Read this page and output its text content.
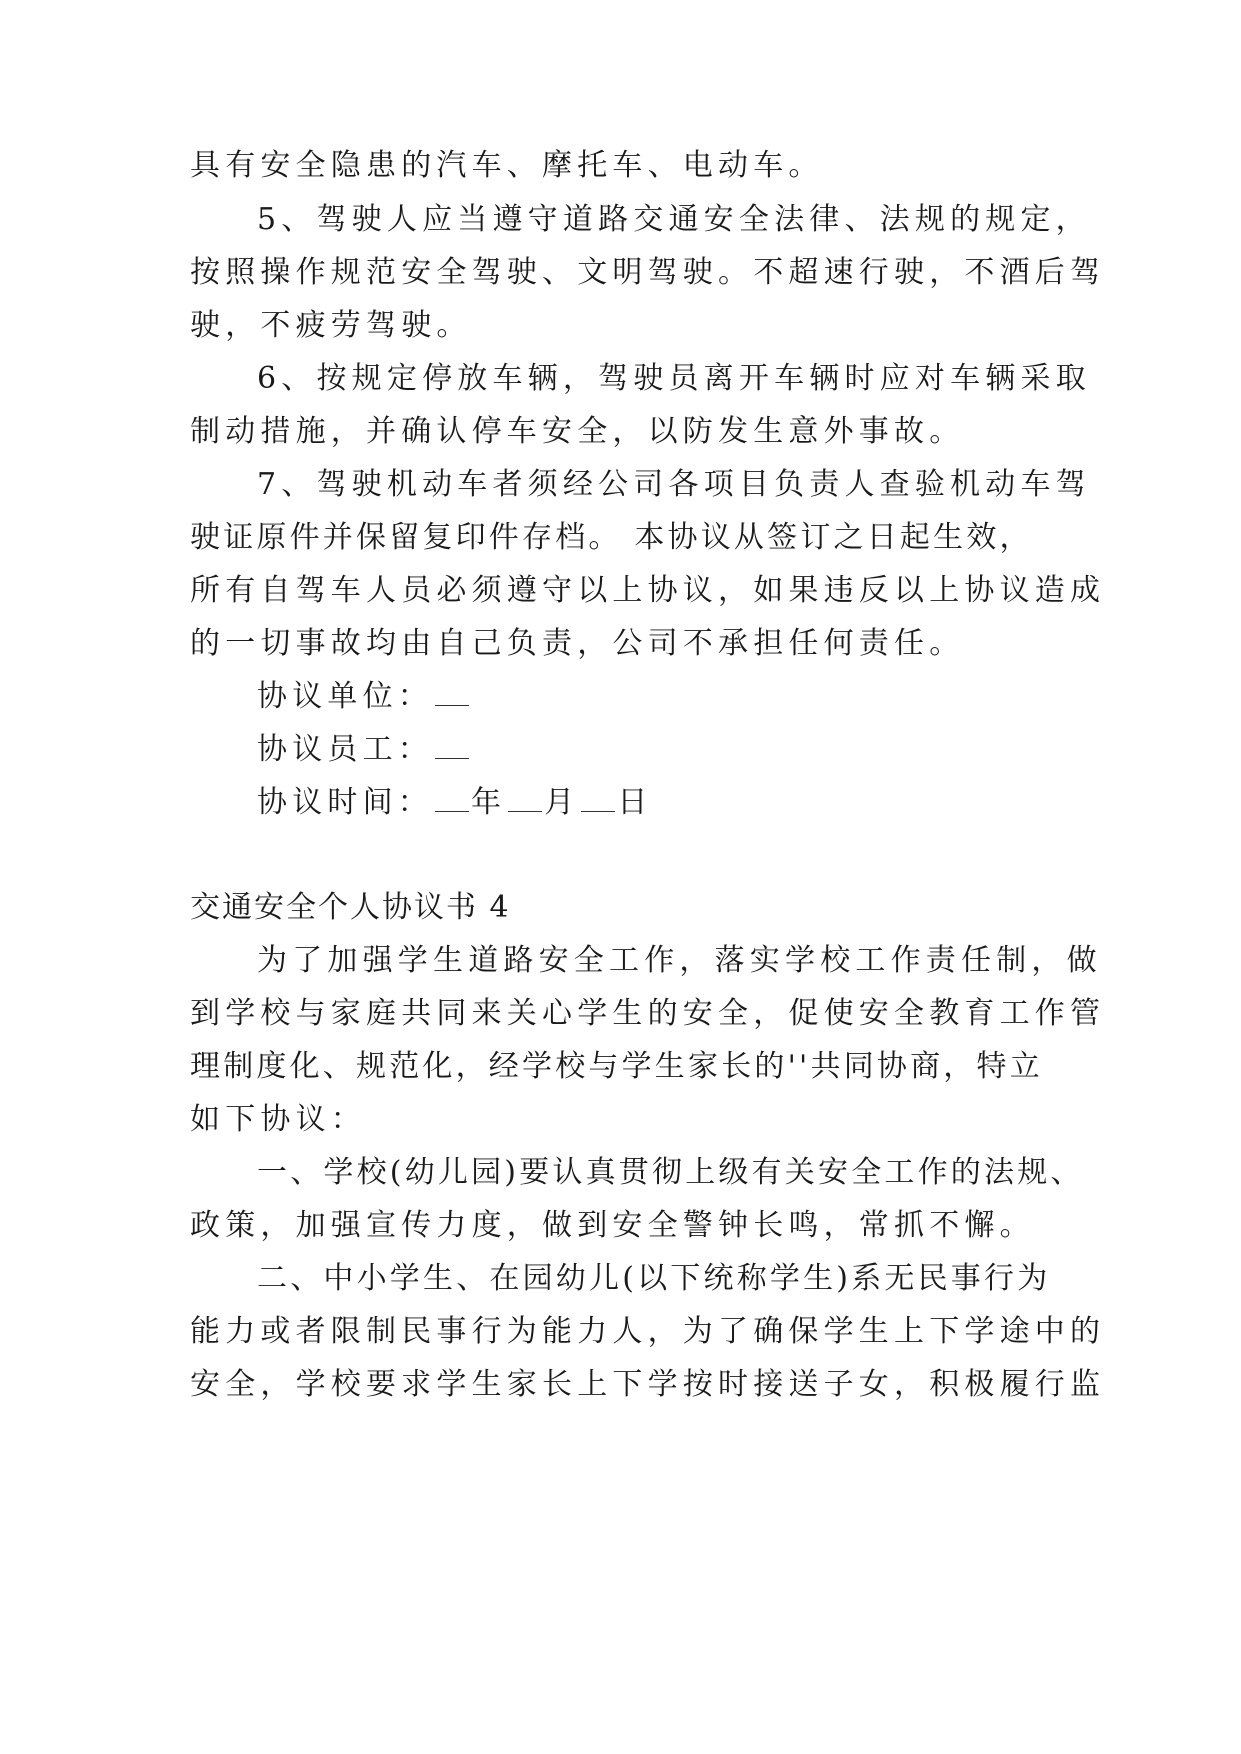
具有安全隐患的汽车、摩托车、电动车。
5、驾驶人应当遵守道路交通安全法律、法规的规定，
按照操作规范安全驾驶、文明驾驶。不超速行驶，不酒后驾
驶，不疲劳驾驶。
6、按规定停放车辆，驾驶员离开车辆时应对车辆采取
制动措施，并确认停车安全，以防发生意外事故。
7、驾驶机动车者须经公司各项目负责人查验机动车驾
驶证原件并保留复印件存档。 本协议从签订之日起生效，
所有自驾车人员必须遵守以上协议，如果违反以上协议造成
的一切事故均由自己负责，公司不承担任何责任。
协议单位：
协议员工：
协议时间： 年 月 日
交通安全个人协议书 4
为了加强学生道路安全工作，落实学校工作责任制，做
到学校与家庭共同来关心学生的安全，促使安全教育工作管
理制度化、规范化，经学校与学生家长的''共同协商，特立
如下协议：
一、学校(幼儿园)要认真贯彻上级有关安全工作的法规、
政策，加强宣传力度，做到安全警钟长鸣，常抓不懈。
二、中小学生、在园幼儿(以下统称学生)系无民事行为
能力或者限制民事行为能力人，为了确保学生上下学途中的
安全，学校要求学生家长上下学按时接送子女，积极履行监
